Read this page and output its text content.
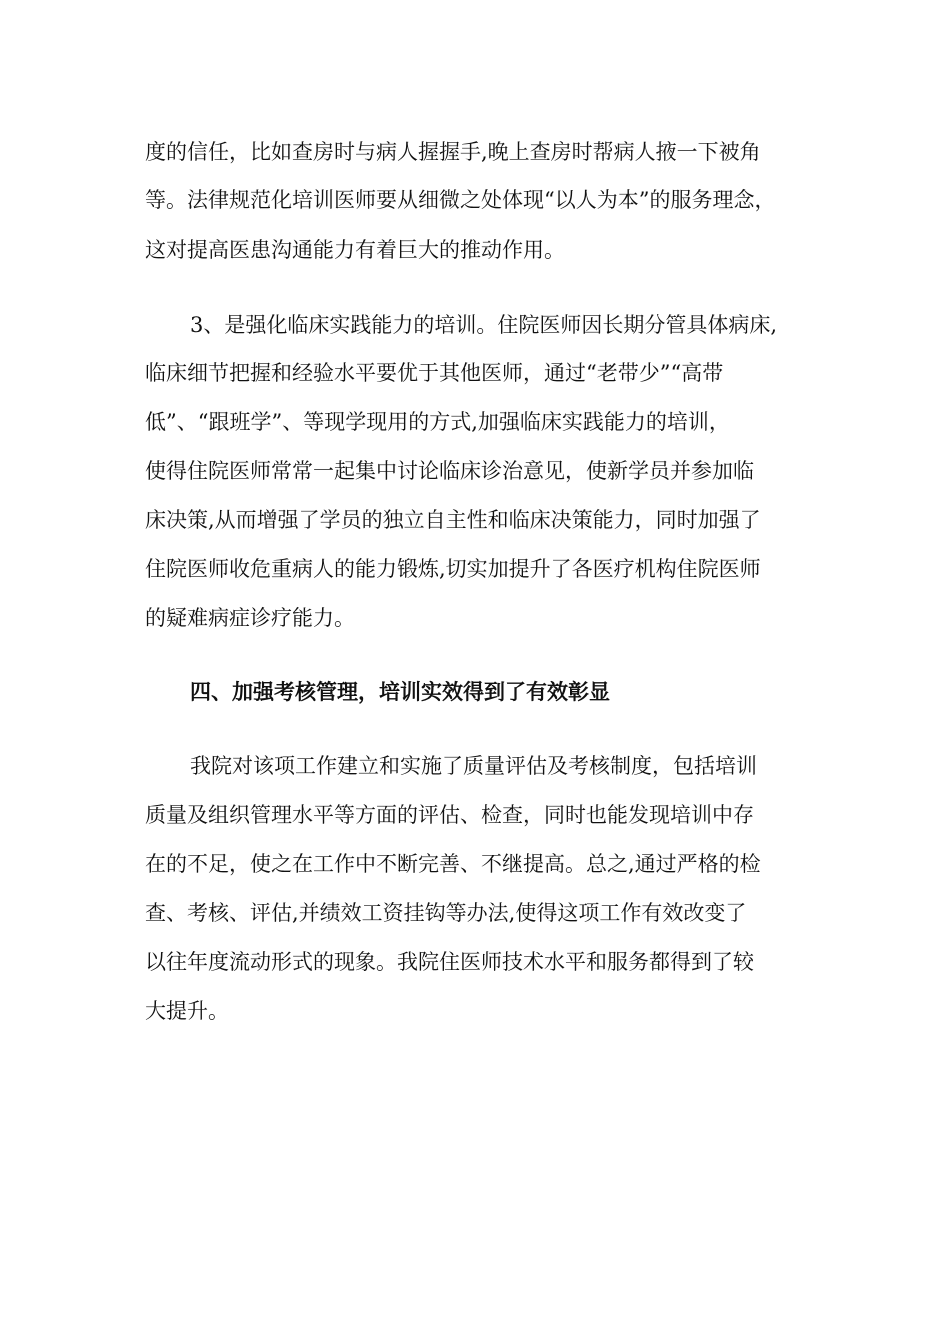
度的信任，比如查房时与病人握握手,晚上查房时帮病人掖一下被角

等。法律规范化培训医师要从细微之处体现“以人为本”的服务理念，

这对提高医患沟通能力有着巨大的推动作用。

3、是强化临床实践能力的培训。住院医师因长期分管具体病床,

临床细节把握和经验水平要优于其他医师，通过“老带少”“高带

低”、“跟班学”、等现学现用的方式,加强临床实践能力的培训，

使得住院医师常常一起集中讨论临床诊治意见，使新学员并参加临

床决策,从而增强了学员的独立自主性和临床决策能力，同时加强了

住院医师收危重病人的能力锻炼,切实加提升了各医疗机构住院医师

的疑难病症诊疗能力。

四、加强考核管理，培训实效得到了有效彰显

我院对该项工作建立和实施了质量评估及考核制度，包括培训

质量及组织管理水平等方面的评估、检查，同时也能发现培训中存

在的不足，使之在工作中不断完善、不继提高。总之,通过严格的检

查、考核、评估,并绩效工资挂钩等办法,使得这项工作有效改变了

以往年度流动形式的现象。我院住医师技术水平和服务都得到了较

大提升。
